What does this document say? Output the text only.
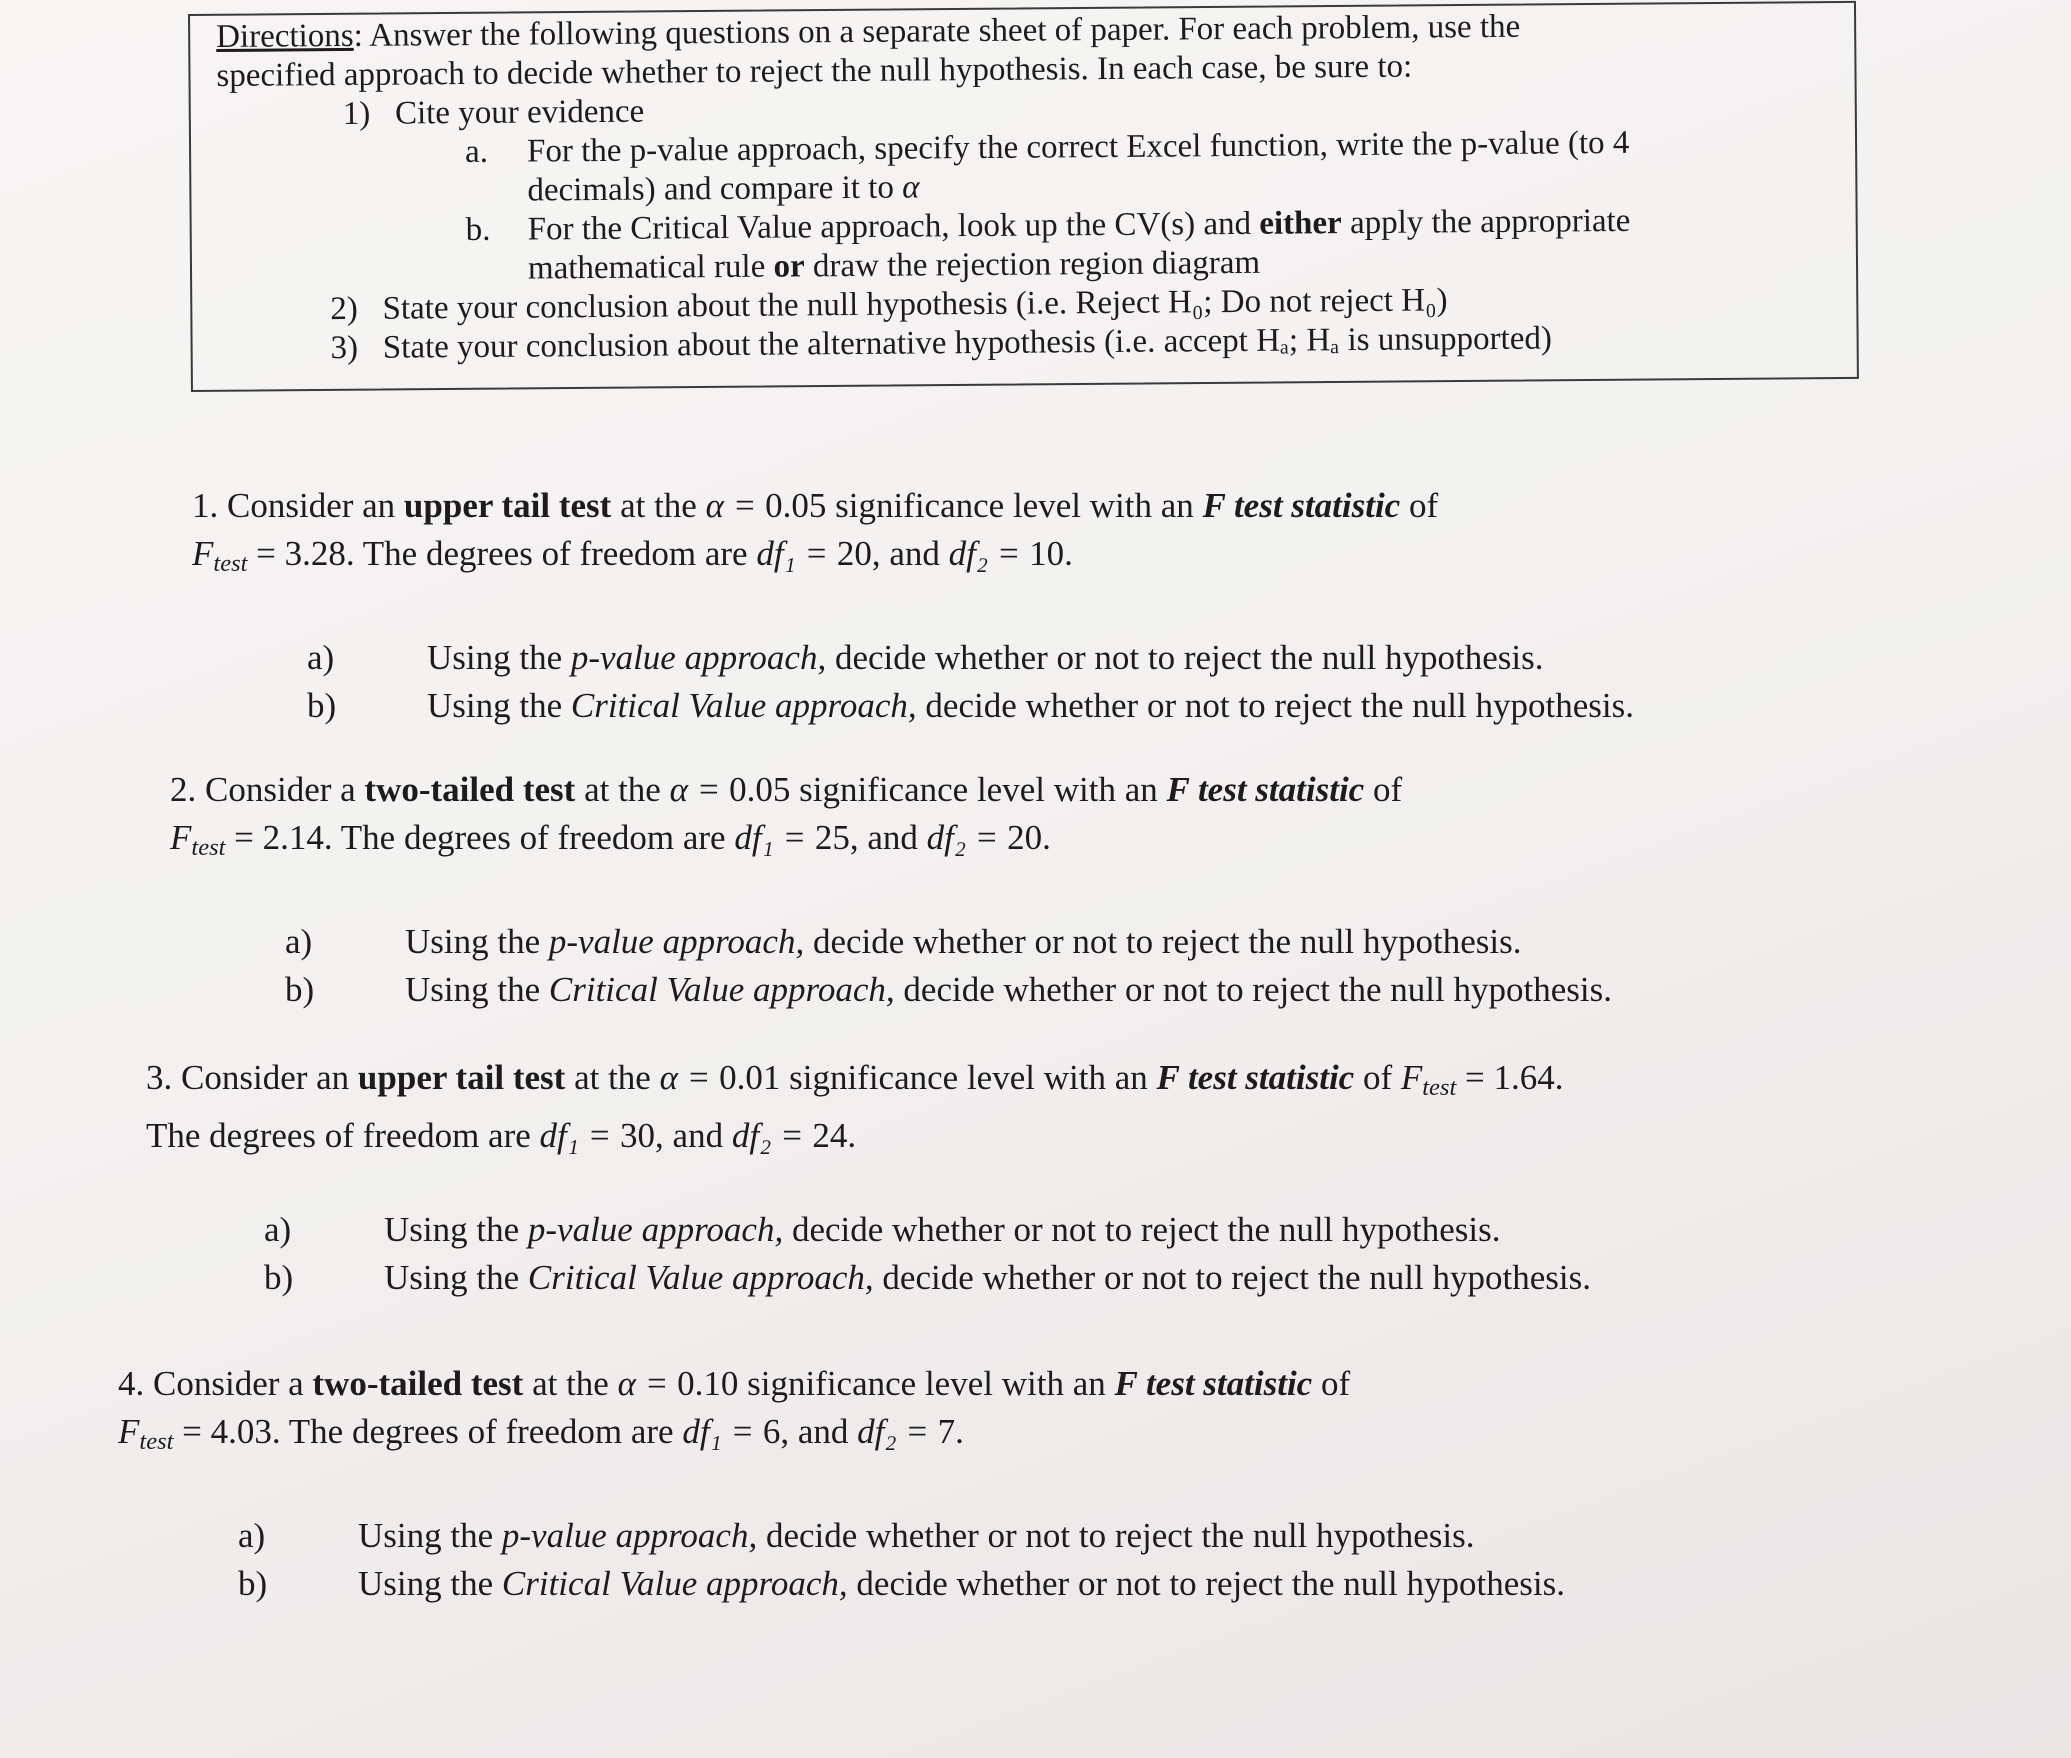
Directions: Answer the following questions on a separate sheet of paper. For each problem, use the
specified approach to decide whether to reject the null hypothesis. In each case, be sure to:
1) Cite your evidence
a. For the p-value approach, specify the correct Excel function, write the p-value (to 4
decimals) and compare it to α
b. For the Critical Value approach, look up the CV(s) and either apply the appropriate
mathematical rule or draw the rejection region diagram
2) State your conclusion about the null hypothesis (i.e. Reject H₀; Do not reject H₀)
3) State your conclusion about the alternative hypothesis (i.e. accept Hₐ; Hₐ is unsupported)
1. Consider an upper tail test at the α = 0.05 significance level with an F test statistic of
$F_{test} = 3.28$. The degrees of freedom are df₁ = 20, and df₂ = 10.
a)	Using the p-value approach, decide whether or not to reject the null hypothesis.
b)	Using the Critical Value approach, decide whether or not to reject the null hypothesis.
2. Consider a two-tailed test at the α = 0.05 significance level with an F test statistic of
$F_{test} = 2.14$. The degrees of freedom are df₁ = 25, and df₂ = 20.
a)	Using the p-value approach, decide whether or not to reject the null hypothesis.
b)	Using the Critical Value approach, decide whether or not to reject the null hypothesis.
3. Consider an upper tail test at the α = 0.01 significance level with an F test statistic of $F_{test} = 1.64$.
The degrees of freedom are df₁ = 30, and df₂ = 24.
a)	Using the p-value approach, decide whether or not to reject the null hypothesis.
b)	Using the Critical Value approach, decide whether or not to reject the null hypothesis.
4. Consider a two-tailed test at the α = 0.10 significance level with an F test statistic of
$F_{test} = 4.03$. The degrees of freedom are df₁ = 6, and df₂ = 7.
a)	Using the p-value approach, decide whether or not to reject the null hypothesis.
b)	Using the Critical Value approach, decide whether or not to reject the null hypothesis.
